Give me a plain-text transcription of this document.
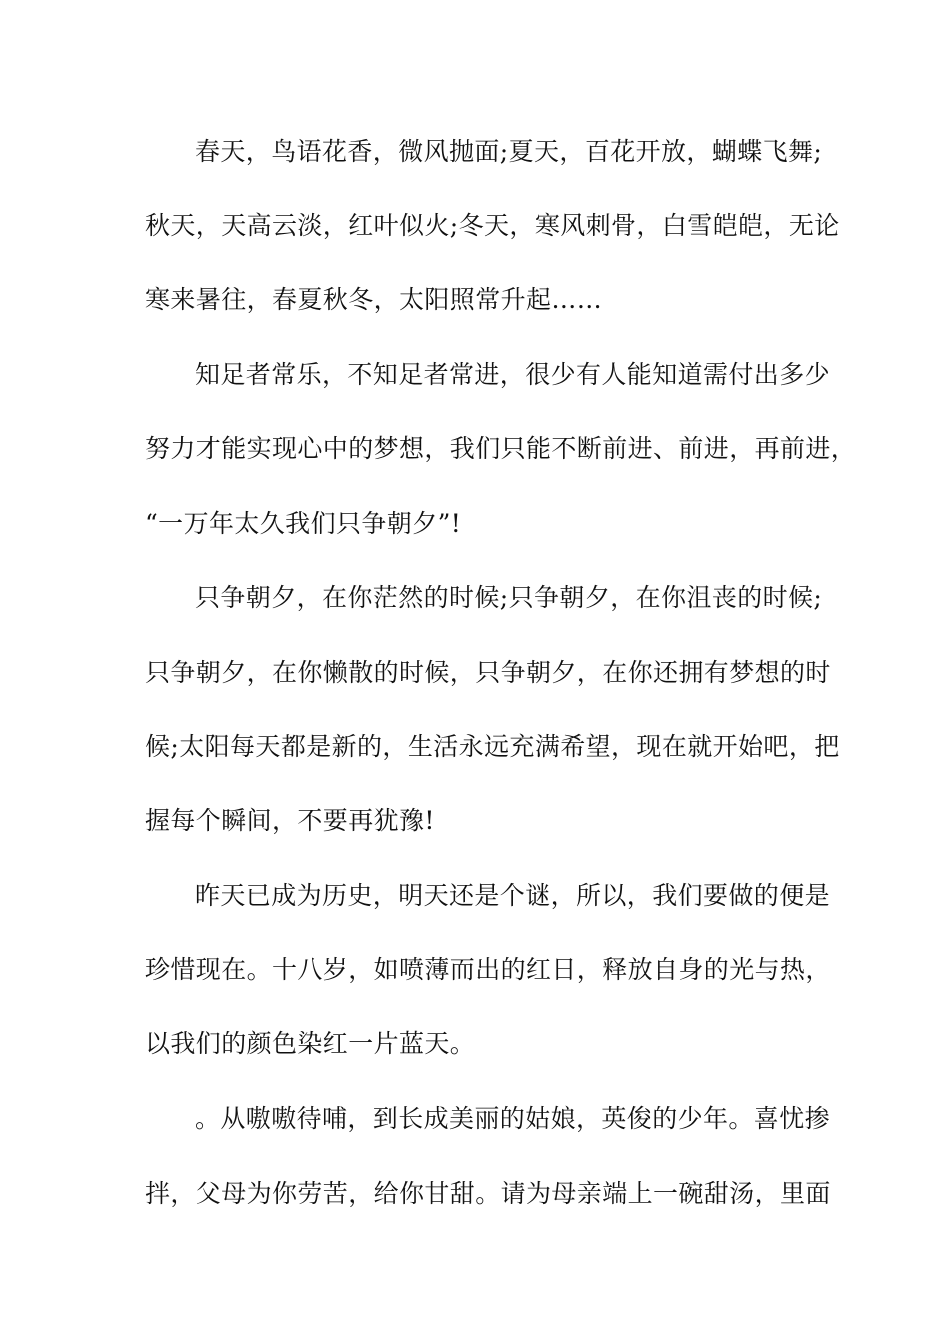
春天，鸟语花香，微风抛面;夏天，百花开放，蝴蝶飞舞;
秋天，天高云淡，红叶似火;冬天，寒风刺骨，白雪皑皑，无论
寒来暑往，春夏秋冬，太阳照常升起……
知足者常乐，不知足者常进，很少有人能知道需付出多少
努力才能实现心中的梦想，我们只能不断前进、前进，再前进，
“一万年太久我们只争朝夕”!
只争朝夕，在你茫然的时候;只争朝夕，在你沮丧的时候;
只争朝夕，在你懒散的时候，只争朝夕，在你还拥有梦想的时
候;太阳每天都是新的，生活永远充满希望，现在就开始吧，把
握每个瞬间，不要再犹豫!
昨天已成为历史，明天还是个谜，所以，我们要做的便是
珍惜现在。十八岁，如喷薄而出的红日，释放自身的光与热，
以我们的颜色染红一片蓝天。
。从嗷嗷待哺，到长成美丽的姑娘，英俊的少年。喜忧掺
拌，父母为你劳苦，给你甘甜。请为母亲端上一碗甜汤，里面
